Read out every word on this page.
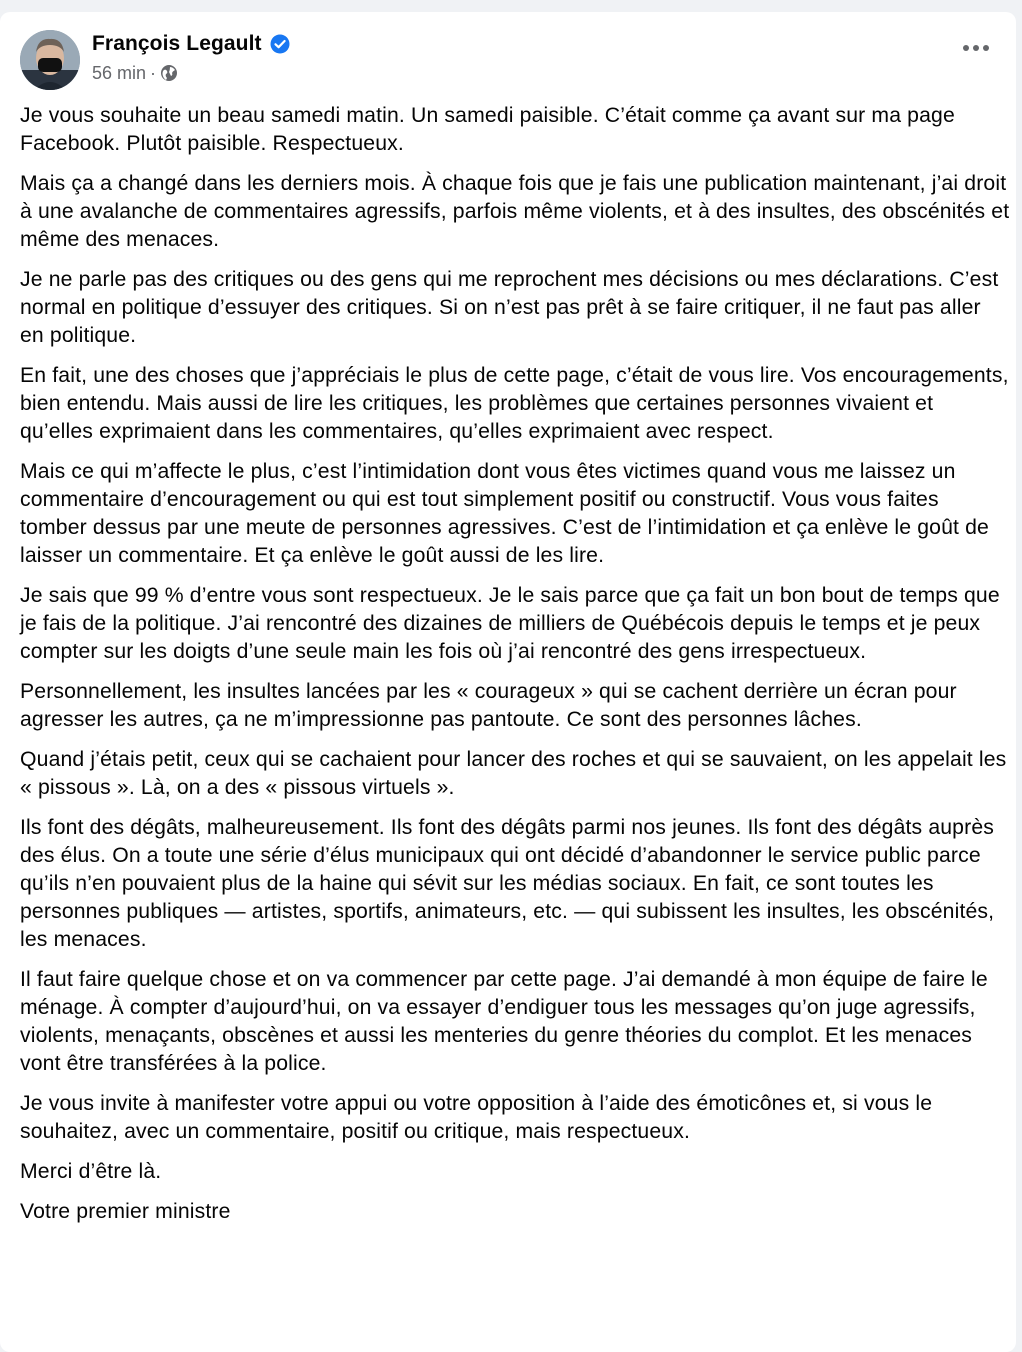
François Legault
56 min ·

Je vous souhaite un beau samedi matin. Un samedi paisible. C’était comme ça avant sur ma page Facebook. Plutôt paisible. Respectueux.

Mais ça a changé dans les derniers mois. À chaque fois que je fais une publication maintenant, j’ai droit à une avalanche de commentaires agressifs, parfois même violents, et à des insultes, des obscénités et même des menaces.

Je ne parle pas des critiques ou des gens qui me reprochent mes décisions ou mes déclarations. C’est normal en politique d’essuyer des critiques. Si on n’est pas prêt à se faire critiquer, il ne faut pas aller en politique.

En fait, une des choses que j’appréciais le plus de cette page, c’était de vous lire. Vos encouragements, bien entendu. Mais aussi de lire les critiques, les problèmes que certaines personnes vivaient et qu’elles exprimaient dans les commentaires, qu’elles exprimaient avec respect.

Mais ce qui m’affecte le plus, c’est l’intimidation dont vous êtes victimes quand vous me laissez un commentaire d’encouragement ou qui est tout simplement positif ou constructif. Vous vous faites tomber dessus par une meute de personnes agressives. C’est de l’intimidation et ça enlève le goût de laisser un commentaire. Et ça enlève le goût aussi de les lire.

Je sais que 99 % d’entre vous sont respectueux. Je le sais parce que ça fait un bon bout de temps que je fais de la politique. J’ai rencontré des dizaines de milliers de Québécois depuis le temps et je peux compter sur les doigts d’une seule main les fois où j’ai rencontré des gens irrespectueux.

Personnellement, les insultes lancées par les « courageux » qui se cachent derrière un écran pour agresser les autres, ça ne m’impressionne pas pantoute. Ce sont des personnes lâches.

Quand j’étais petit, ceux qui se cachaient pour lancer des roches et qui se sauvaient, on les appelait les « pissous ». Là, on a des « pissous virtuels ».

Ils font des dégâts, malheureusement. Ils font des dégâts parmi nos jeunes. Ils font des dégâts auprès des élus. On a toute une série d’élus municipaux qui ont décidé d’abandonner le service public parce qu’ils n’en pouvaient plus de la haine qui sévit sur les médias sociaux. En fait, ce sont toutes les personnes publiques — artistes, sportifs, animateurs, etc. — qui subissent les insultes, les obscénités, les menaces.

Il faut faire quelque chose et on va commencer par cette page. J’ai demandé à mon équipe de faire le ménage. À compter d’aujourd’hui, on va essayer d’endiguer tous les messages qu’on juge agressifs, violents, menaçants, obscènes et aussi les menteries du genre théories du complot. Et les menaces vont être transférées à la police.

Je vous invite à manifester votre appui ou votre opposition à l’aide des émoticônes et, si vous le souhaitez, avec un commentaire, positif ou critique, mais respectueux.

Merci d’être là.

Votre premier ministre
